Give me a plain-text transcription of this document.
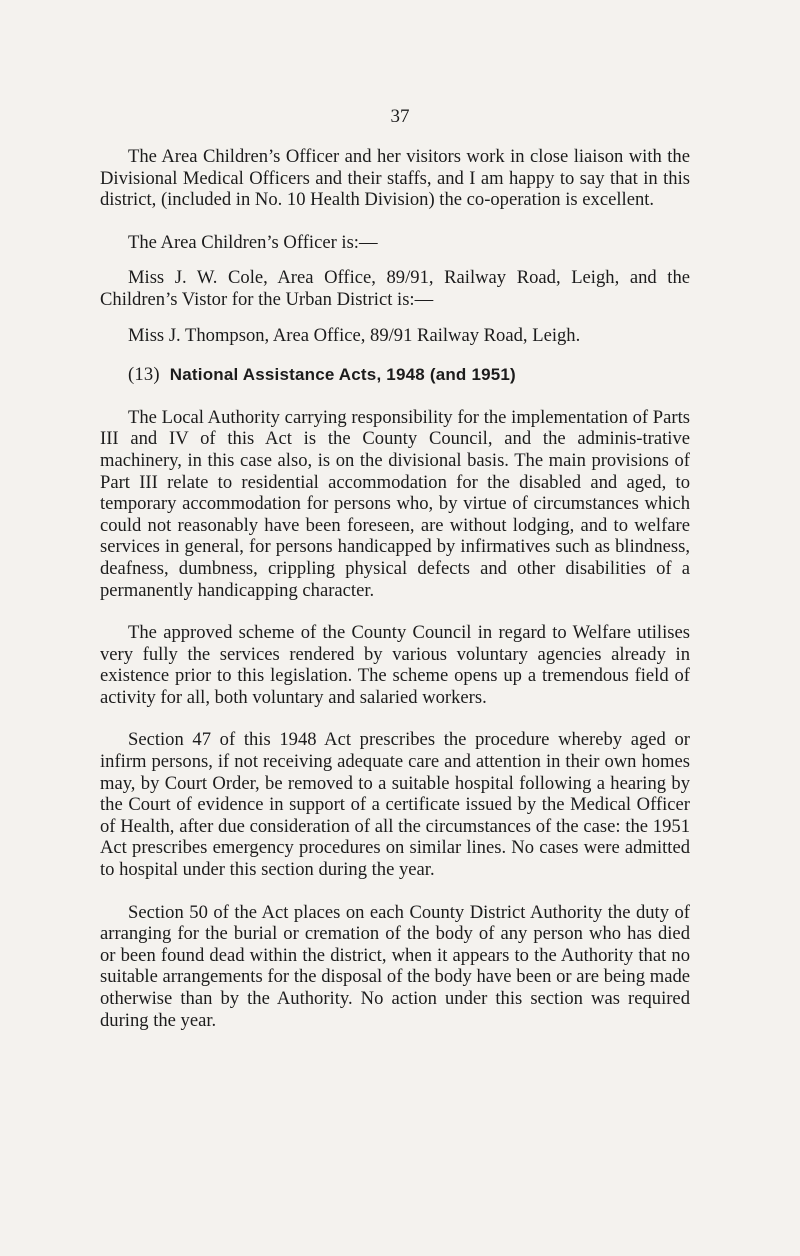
37

The Area Children’s Officer and her visitors work in close liaison with the Divisional Medical Officers and their staffs, and I am happy to say that in this district, (included in No. 10 Health Division) the co-operation is excellent.

The Area Children’s Officer is:—

Miss J. W. Cole, Area Office, 89/91, Railway Road, Leigh, and the Children’s Vistor for the Urban District is:—

Miss J. Thompson, Area Office, 89/91 Railway Road, Leigh.

(13) National Assistance Acts, 1948 (and 1951)

The Local Authority carrying responsibility for the implementation of Parts III and IV of this Act is the County Council, and the adminis-trative machinery, in this case also, is on the divisional basis. The main provisions of Part III relate to residential accommodation for the disabled and aged, to temporary accommodation for persons who, by virtue of circumstances which could not reasonably have been foreseen, are without lodging, and to welfare services in general, for persons handicapped by infirmatives such as blindness, deafness, dumbness, crippling physical defects and other disabilities of a permanently handicapping character.

The approved scheme of the County Council in regard to Welfare utilises very fully the services rendered by various voluntary agencies already in existence prior to this legislation. The scheme opens up a tremendous field of activity for all, both voluntary and salaried workers.

Section 47 of this 1948 Act prescribes the procedure whereby aged or infirm persons, if not receiving adequate care and attention in their own homes may, by Court Order, be removed to a suitable hospital following a hearing by the Court of evidence in support of a certificate issued by the Medical Officer of Health, after due consideration of all the circumstances of the case: the 1951 Act prescribes emergency procedures on similar lines. No cases were admitted to hospital under this section during the year.

Section 50 of the Act places on each County District Authority the duty of arranging for the burial or cremation of the body of any person who has died or been found dead within the district, when it appears to the Authority that no suitable arrangements for the disposal of the body have been or are being made otherwise than by the Authority. No action under this section was required during the year.
